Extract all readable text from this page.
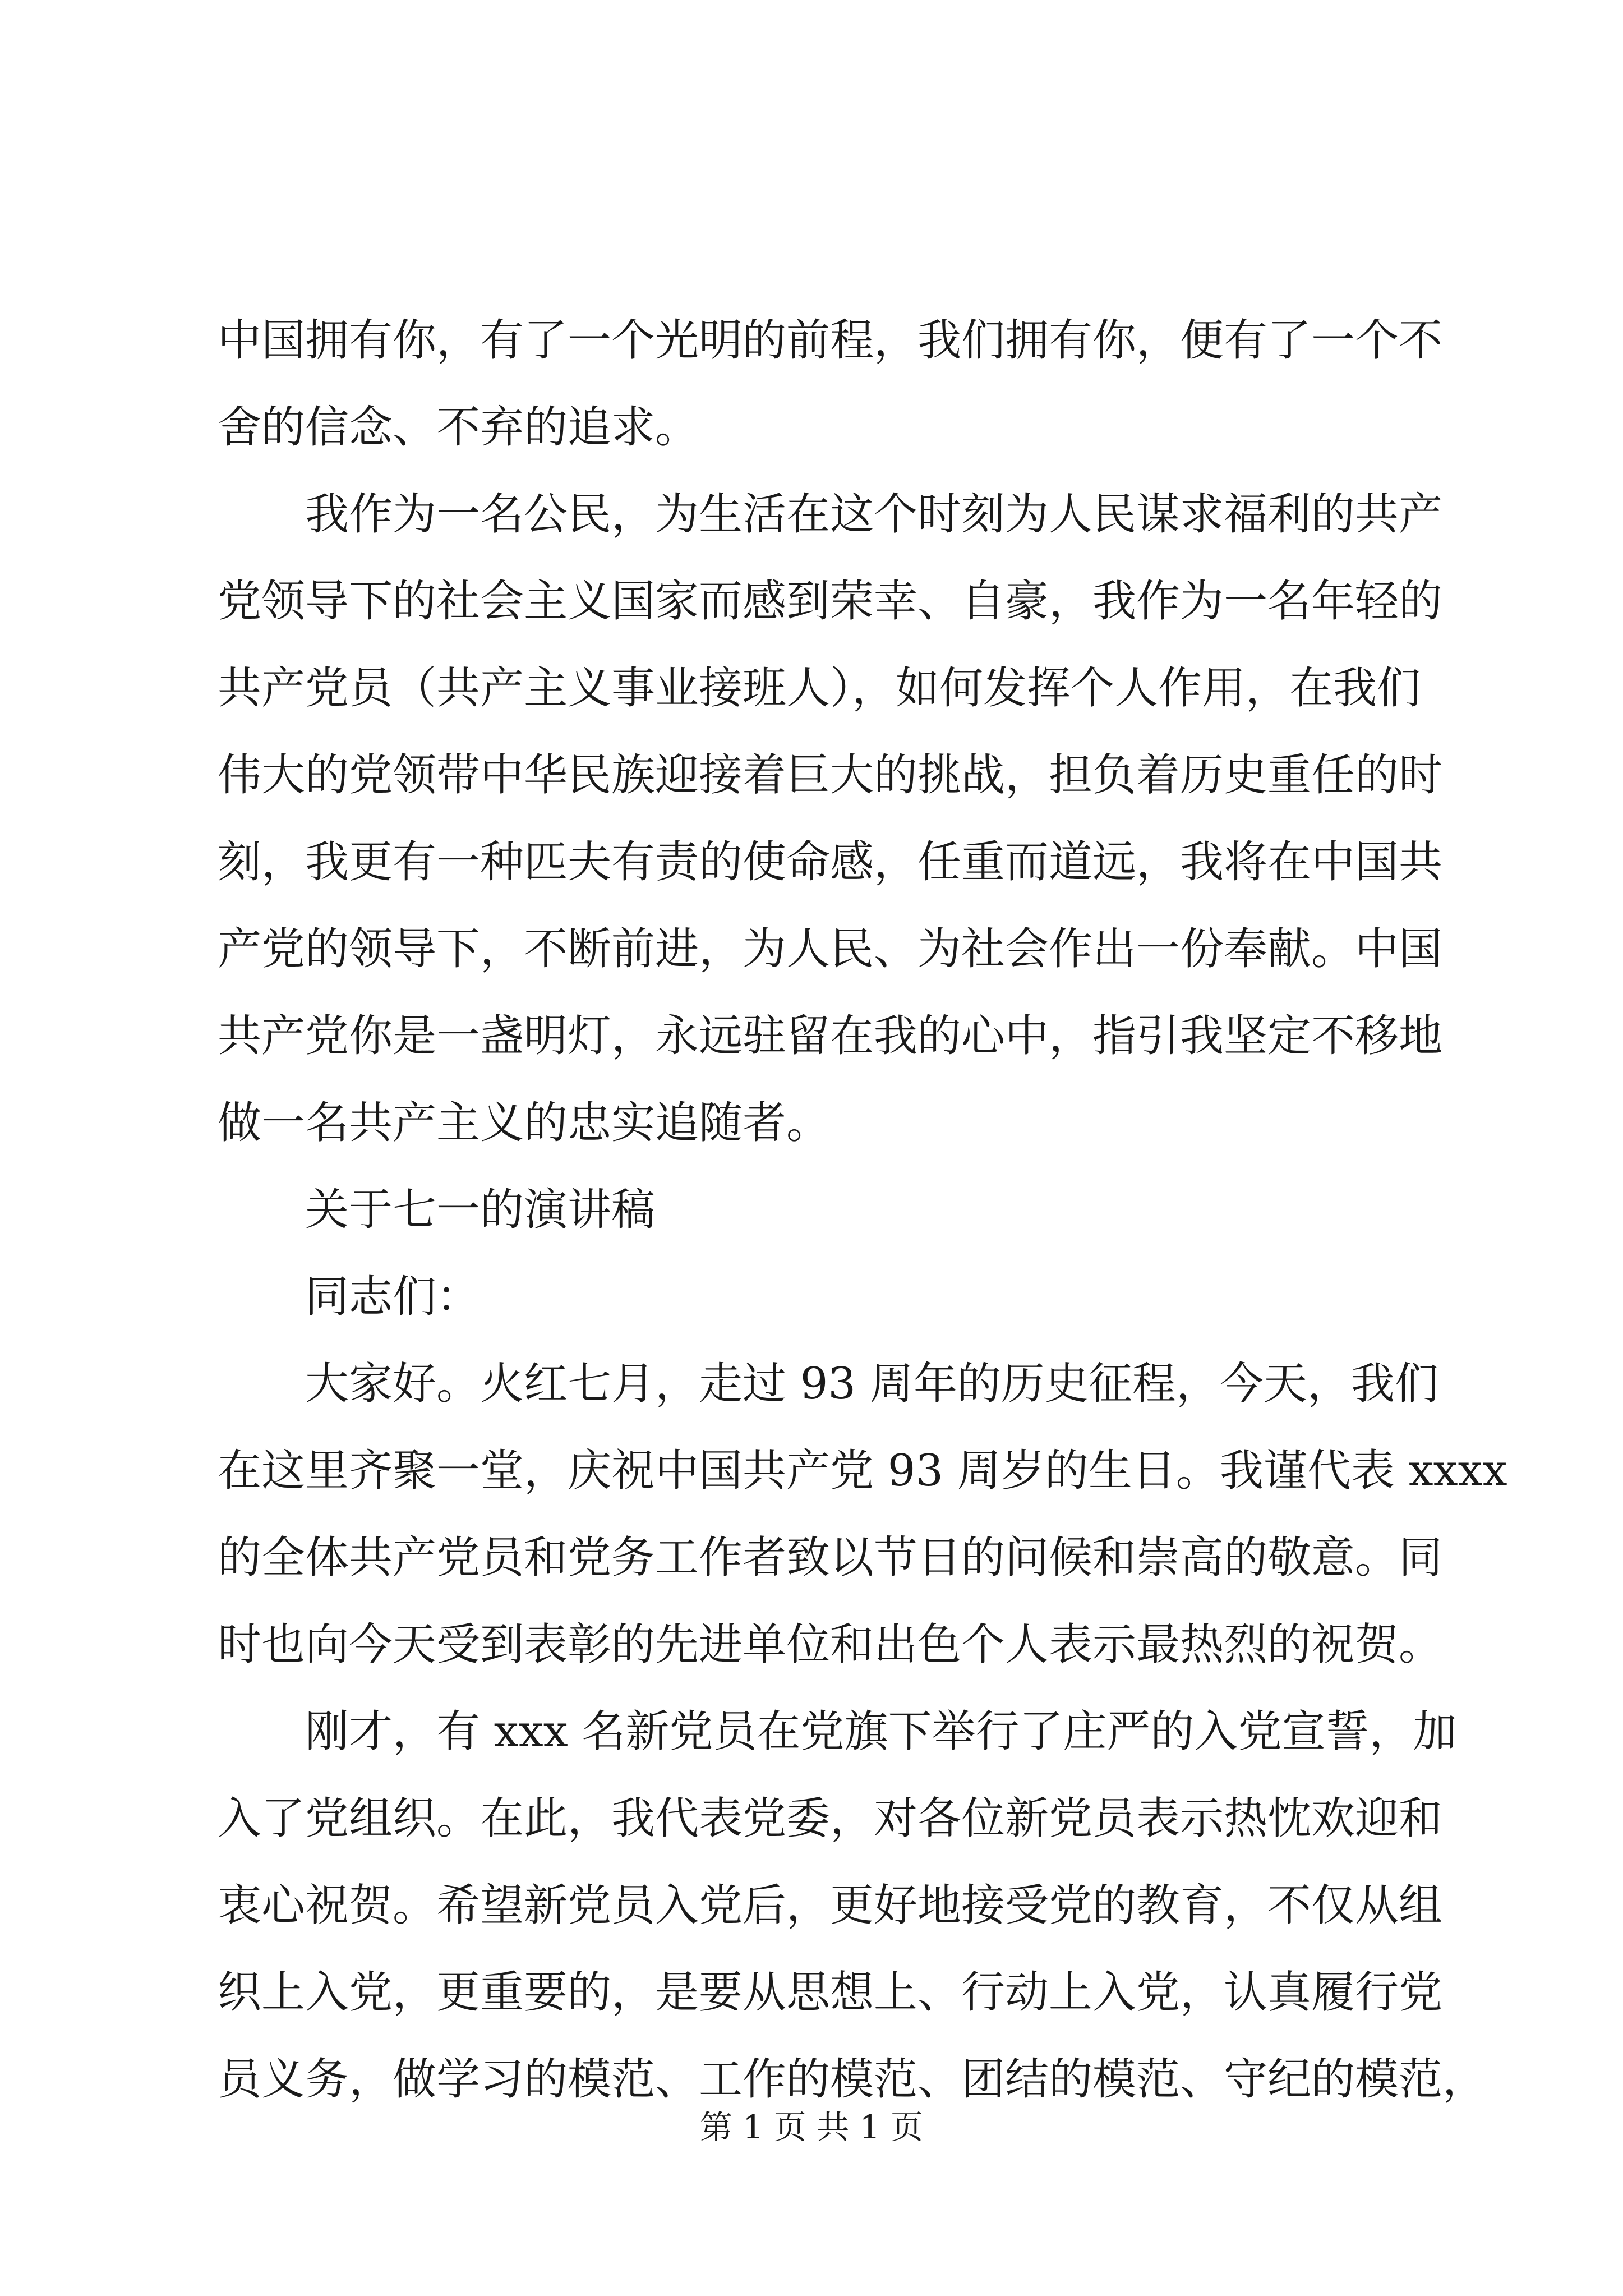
中国拥有你，有了一个光明的前程，我们拥有你，便有了一个不
舍的信念、不弃的追求。
我作为一名公民，为生活在这个时刻为人民谋求福利的共产
党领导下的社会主义国家而感到荣幸、自豪，我作为一名年轻的
共产党员（共产主义事业接班人），如何发挥个人作用，在我们
伟大的党领带中华民族迎接着巨大的挑战，担负着历史重任的时
刻，我更有一种匹夫有责的使命感，任重而道远，我将在中国共
产党的领导下，不断前进，为人民、为社会作出一份奉献。中国
共产党你是一盏明灯，永远驻留在我的心中，指引我坚定不移地
做一名共产主义的忠实追随者。
关于七一的演讲稿
同志们：
大家好。火红七月，走过 93 周年的历史征程，今天，我们
在这里齐聚一堂，庆祝中国共产党 93 周岁的生日。我谨代表 xxxx
的全体共产党员和党务工作者致以节日的问候和崇高的敬意。同
时也向今天受到表彰的先进单位和出色个人表示最热烈的祝贺。
刚才，有 xxx 名新党员在党旗下举行了庄严的入党宣誓，加
入了党组织。在此，我代表党委，对各位新党员表示热忱欢迎和
衷心祝贺。希望新党员入党后，更好地接受党的教育，不仅从组
织上入党，更重要的，是要从思想上、行动上入党，认真履行党
员义务，做学习的模范、工作的模范、团结的模范、守纪的模范，
第 1 页 共 1 页
